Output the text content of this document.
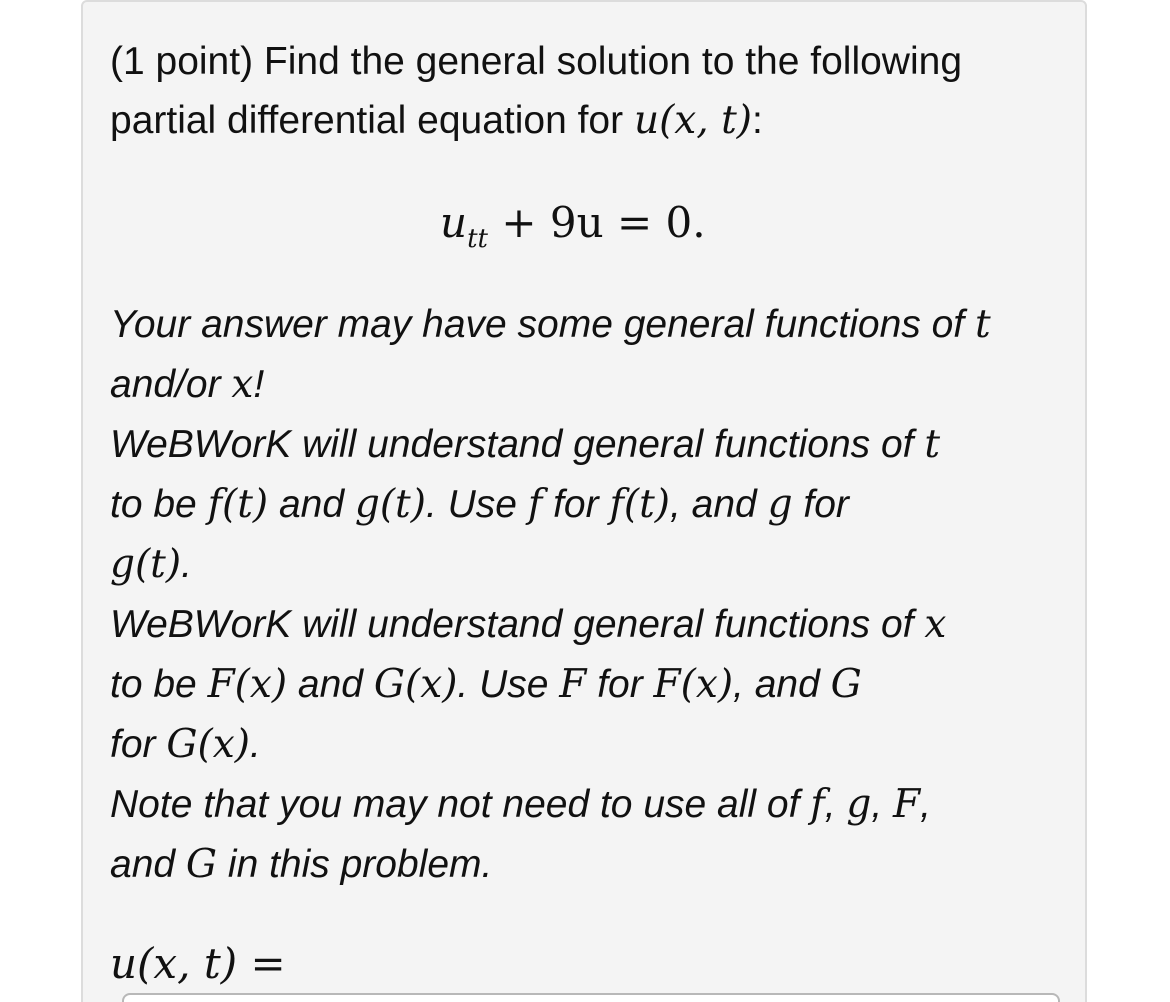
(1 point) Find the general solution to the following
partial differential equation for u(x, t):
$u_{tt} + 9u = 0$.
Your answer may have some general functions of t
and/or x!
WeBWorK will understand general functions of t
to be f(t) and g(t). Use f for f(t), and g for
g(t).
WeBWorK will understand general functions of x
to be F(x) and G(x). Use F for F(x), and G
for G(x).
Note that you may not need to use all of f, g, F,
and G in this problem.
u(x, t) =
